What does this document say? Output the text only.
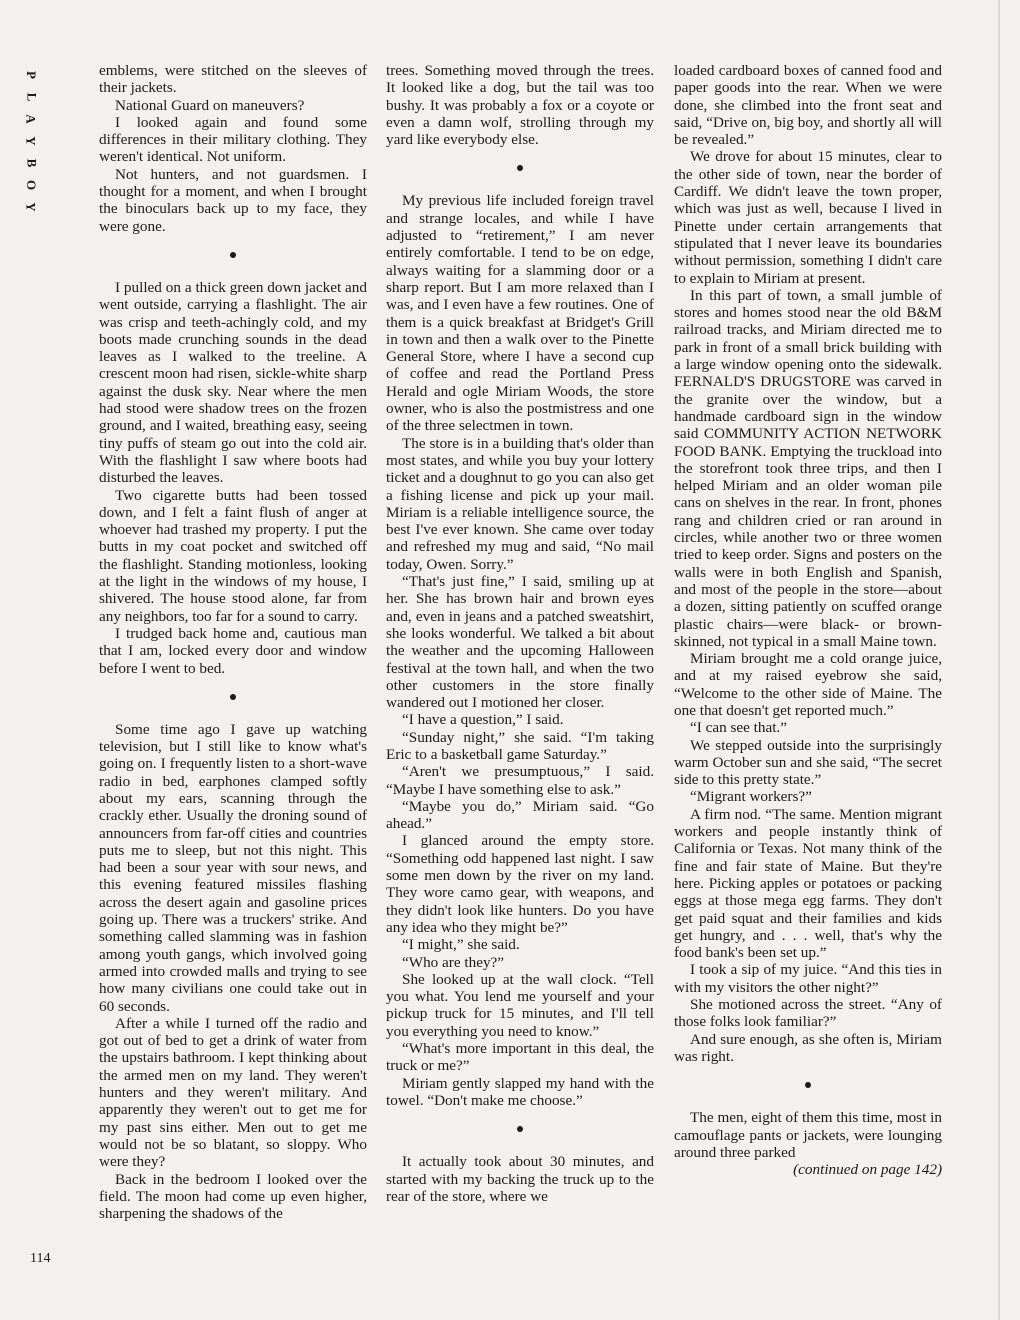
P
L
A
Y
B
O
Y

emblems, were stitched on the sleeves of their jackets.

National Guard on maneuvers?

I looked again and found some differences in their military clothing. They weren't identical. Not uniform.

Not hunters, and not guardsmen. I thought for a moment, and when I brought the binoculars back up to my face, they were gone.

I pulled on a thick green down jacket and went outside, carrying a flashlight. The air was crisp and teeth-achingly cold, and my boots made crunching sounds in the dead leaves as I walked to the treeline. A crescent moon had risen, sickle-white sharp against the dusk sky. Near where the men had stood were shadow trees on the frozen ground, and I waited, breathing easy, seeing tiny puffs of steam go out into the cold air. With the flashlight I saw where boots had disturbed the leaves.

Two cigarette butts had been tossed down, and I felt a faint flush of anger at whoever had trashed my property. I put the butts in my coat pocket and switched off the flashlight. Standing motionless, looking at the light in the windows of my house, I shivered. The house stood alone, far from any neighbors, too far for a sound to carry.

I trudged back home and, cautious man that I am, locked every door and window before I went to bed.

Some time ago I gave up watching television, but I still like to know what's going on. I frequently listen to a short-wave radio in bed, earphones clamped softly about my ears, scanning through the crackly ether. Usually the droning sound of announcers from far-off cities and countries puts me to sleep, but not this night. This had been a sour year with sour news, and this evening featured missiles flashing across the desert again and gasoline prices going up. There was a truckers' strike. And something called slamming was in fashion among youth gangs, which involved going armed into crowded malls and trying to see how many civilians one could take out in 60 seconds.

After a while I turned off the radio and got out of bed to get a drink of water from the upstairs bathroom. I kept thinking about the armed men on my land. They weren't hunters and they weren't military. And apparently they weren't out to get me for my past sins either. Men out to get me would not be so blatant, so sloppy. Who were they?

Back in the bedroom I looked over the field. The moon had come up even higher, sharpening the shadows of the

trees. Something moved through the trees. It looked like a dog, but the tail was too bushy. It was probably a fox or a coyote or even a damn wolf, strolling through my yard like everybody else.

My previous life included foreign travel and strange locales, and while I have adjusted to “retirement,” I am never entirely comfortable. I tend to be on edge, always waiting for a slamming door or a sharp report. But I am more relaxed than I was, and I even have a few routines. One of them is a quick breakfast at Bridget's Grill in town and then a walk over to the Pinette General Store, where I have a second cup of coffee and read the Portland Press Herald and ogle Miriam Woods, the store owner, who is also the postmistress and one of the three selectmen in town.

The store is in a building that's older than most states, and while you buy your lottery ticket and a doughnut to go you can also get a fishing license and pick up your mail. Miriam is a reliable intelligence source, the best I've ever known. She came over today and refreshed my mug and said, “No mail today, Owen. Sorry.”

“That's just fine,” I said, smiling up at her. She has brown hair and brown eyes and, even in jeans and a patched sweatshirt, she looks wonderful. We talked a bit about the weather and the upcoming Halloween festival at the town hall, and when the two other customers in the store finally wandered out I motioned her closer.

“I have a question,” I said.

“Sunday night,” she said. “I'm taking Eric to a basketball game Saturday.”

“Aren't we presumptuous,” I said. “Maybe I have something else to ask.”

“Maybe you do,” Miriam said. “Go ahead.”

I glanced around the empty store. “Something odd happened last night. I saw some men down by the river on my land. They wore camo gear, with weapons, and they didn't look like hunters. Do you have any idea who they might be?”

“I might,” she said.

“Who are they?”

She looked up at the wall clock. “Tell you what. You lend me yourself and your pickup truck for 15 minutes, and I'll tell you everything you need to know.”

“What's more important in this deal, the truck or me?”

Miriam gently slapped my hand with the towel. “Don't make me choose.”

It actually took about 30 minutes, and started with my backing the truck up to the rear of the store, where we

loaded cardboard boxes of canned food and paper goods into the rear. When we were done, she climbed into the front seat and said, “Drive on, big boy, and shortly all will be revealed.”

We drove for about 15 minutes, clear to the other side of town, near the border of Cardiff. We didn't leave the town proper, which was just as well, because I lived in Pinette under certain arrangements that stipulated that I never leave its boundaries without permission, something I didn't care to explain to Miriam at present.

In this part of town, a small jumble of stores and homes stood near the old B&M railroad tracks, and Miriam directed me to park in front of a small brick building with a large window opening onto the sidewalk. FERNALD'S DRUGSTORE was carved in the granite over the window, but a handmade cardboard sign in the window said COMMUNITY ACTION NETWORK FOOD BANK. Emptying the truckload into the storefront took three trips, and then I helped Miriam and an older woman pile cans on shelves in the rear. In front, phones rang and children cried or ran around in circles, while another two or three women tried to keep order. Signs and posters on the walls were in both English and Spanish, and most of the people in the store—about a dozen, sitting patiently on scuffed orange plastic chairs—were black- or brown-skinned, not typical in a small Maine town.

Miriam brought me a cold orange juice, and at my raised eyebrow she said, “Welcome to the other side of Maine. The one that doesn't get reported much.”

“I can see that.”

We stepped outside into the surprisingly warm October sun and she said, “The secret side to this pretty state.”

“Migrant workers?”

A firm nod. “The same. Mention migrant workers and people instantly think of California or Texas. Not many think of the fine and fair state of Maine. But they're here. Picking apples or potatoes or packing eggs at those mega egg farms. They don't get paid squat and their families and kids get hungry, and . . . well, that's why the food bank's been set up.”

I took a sip of my juice. “And this ties in with my visitors the other night?”

She motioned across the street. “Any of those folks look familiar?”

And sure enough, as she often is, Miriam was right.

The men, eight of them this time, most in camouflage pants or jackets, were lounging around three parked

(continued on page 142)

114
